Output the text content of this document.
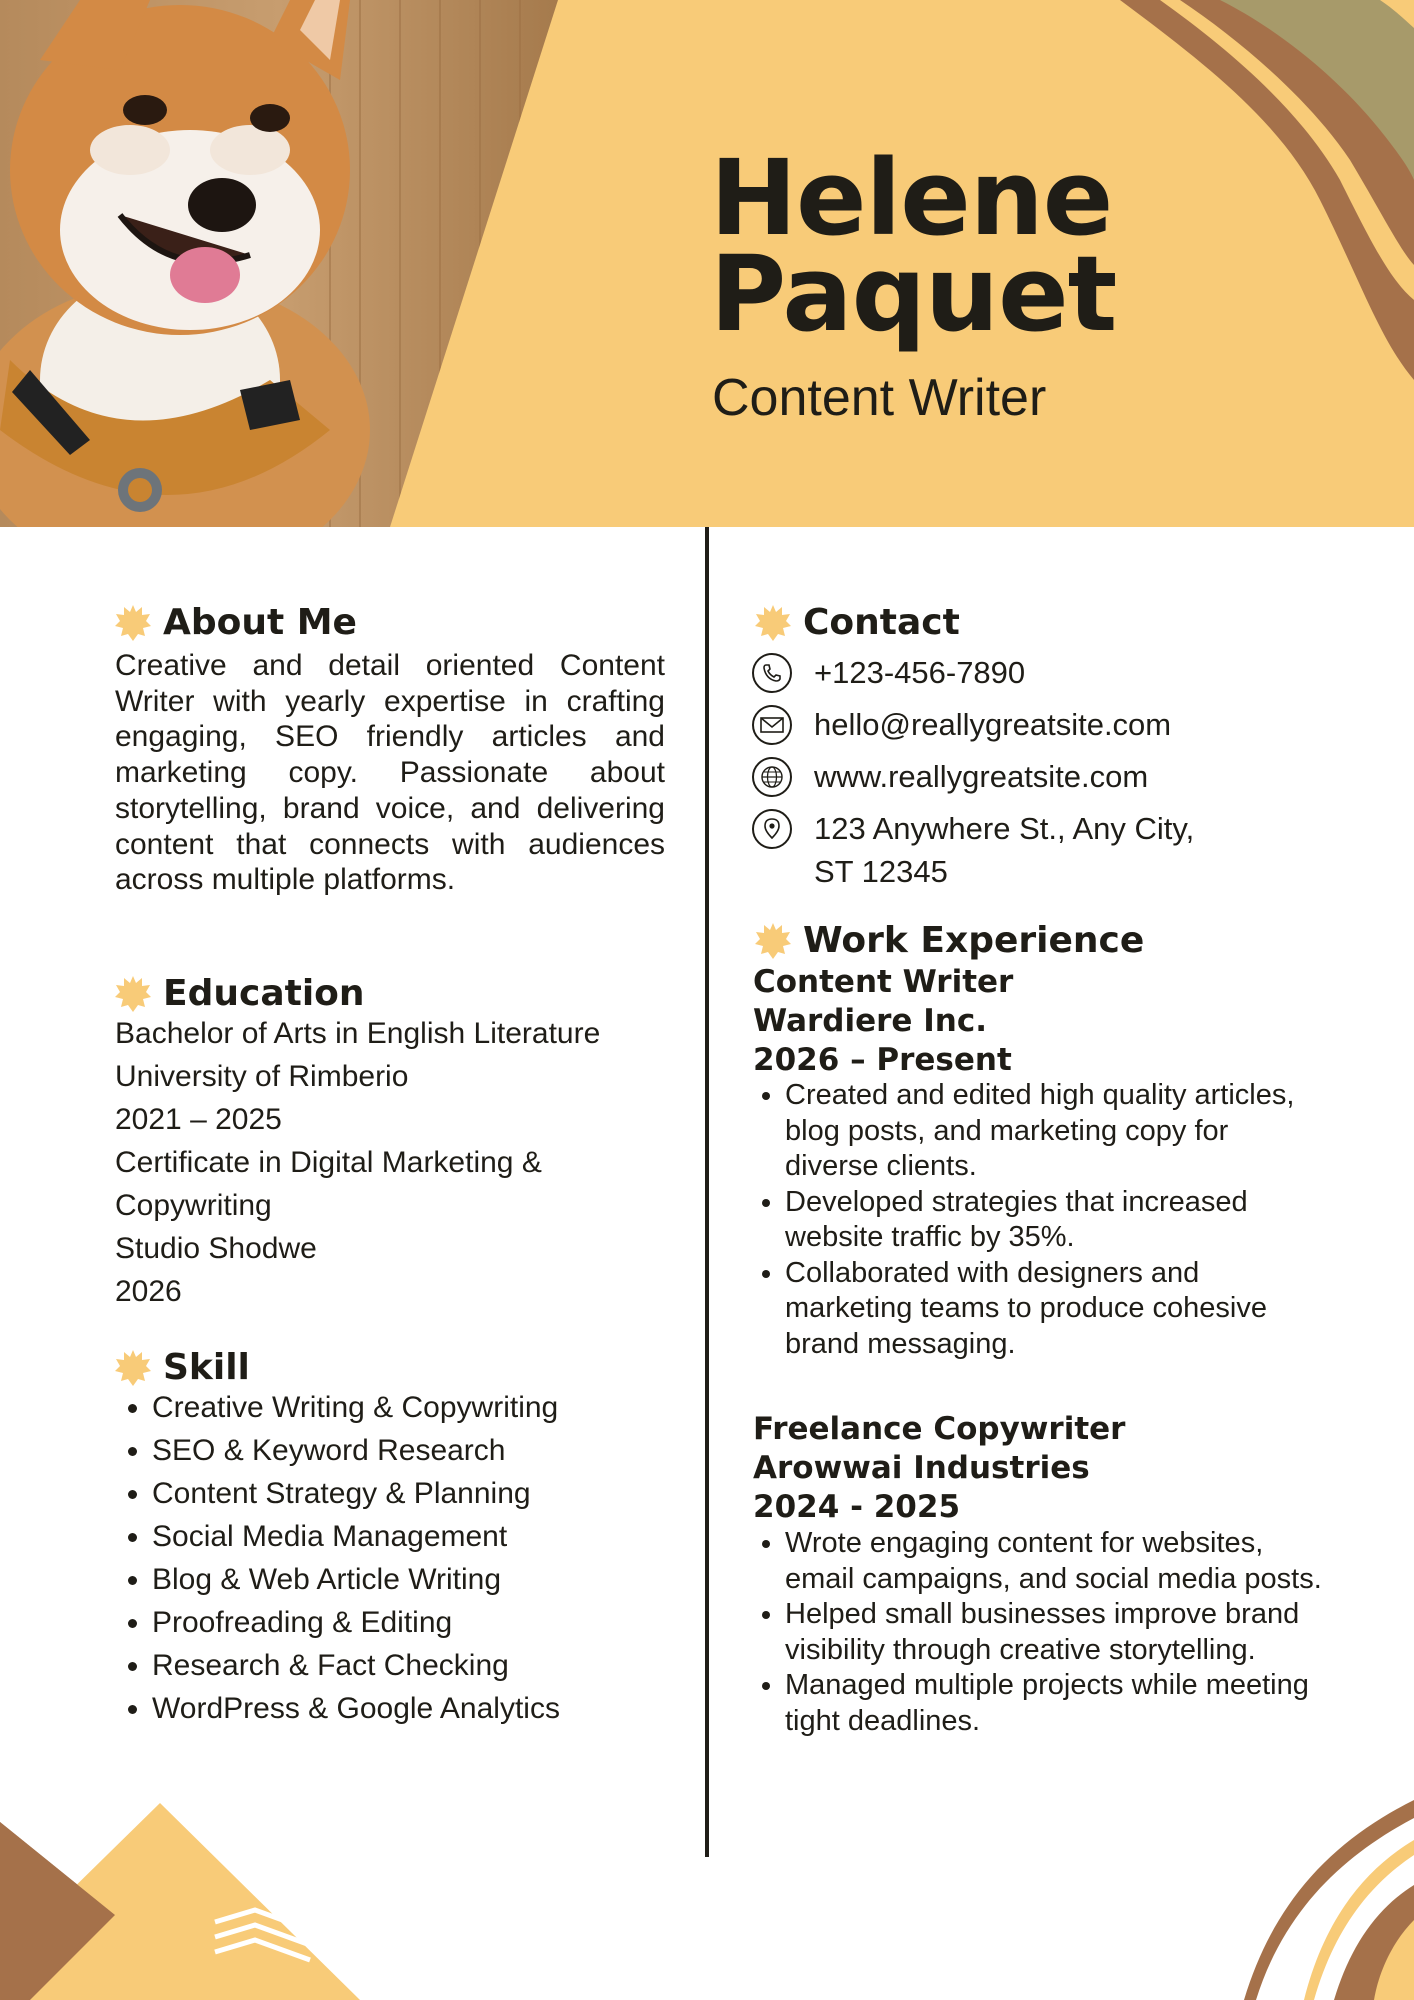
Helene
Paquet
Content Writer
About Me
Creative and detail oriented Content Writer with yearly expertise in crafting engaging, SEO friendly articles and marketing copy. Passionate about storytelling, brand voice, and delivering content that connects with audiences across multiple platforms.
Education
Bachelor of Arts in English Literature
University of Rimberio
2021 – 2025
Certificate in Digital Marketing &
Copywriting
Studio Shodwe
2026
Skill
• Creative Writing & Copywriting
• SEO & Keyword Research
• Content Strategy & Planning
• Social Media Management
• Blog & Web Article Writing
• Proofreading & Editing
• Research & Fact Checking
• WordPress & Google Analytics
Contact
+123-456-7890
hello@reallygreatsite.com
www.reallygreatsite.com
123 Anywhere St., Any City,
ST 12345
Work Experience
Content Writer
Wardiere Inc.
2026 – Present
• Created and edited high quality articles, blog posts, and marketing copy for diverse clients.
• Developed strategies that increased website traffic by 35%.
• Collaborated with designers and marketing teams to produce cohesive brand messaging.
Freelance Copywriter
Arowwai Industries
2024 - 2025
• Wrote engaging content for websites, email campaigns, and social media posts.
• Helped small businesses improve brand visibility through creative storytelling.
• Managed multiple projects while meeting tight deadlines.
